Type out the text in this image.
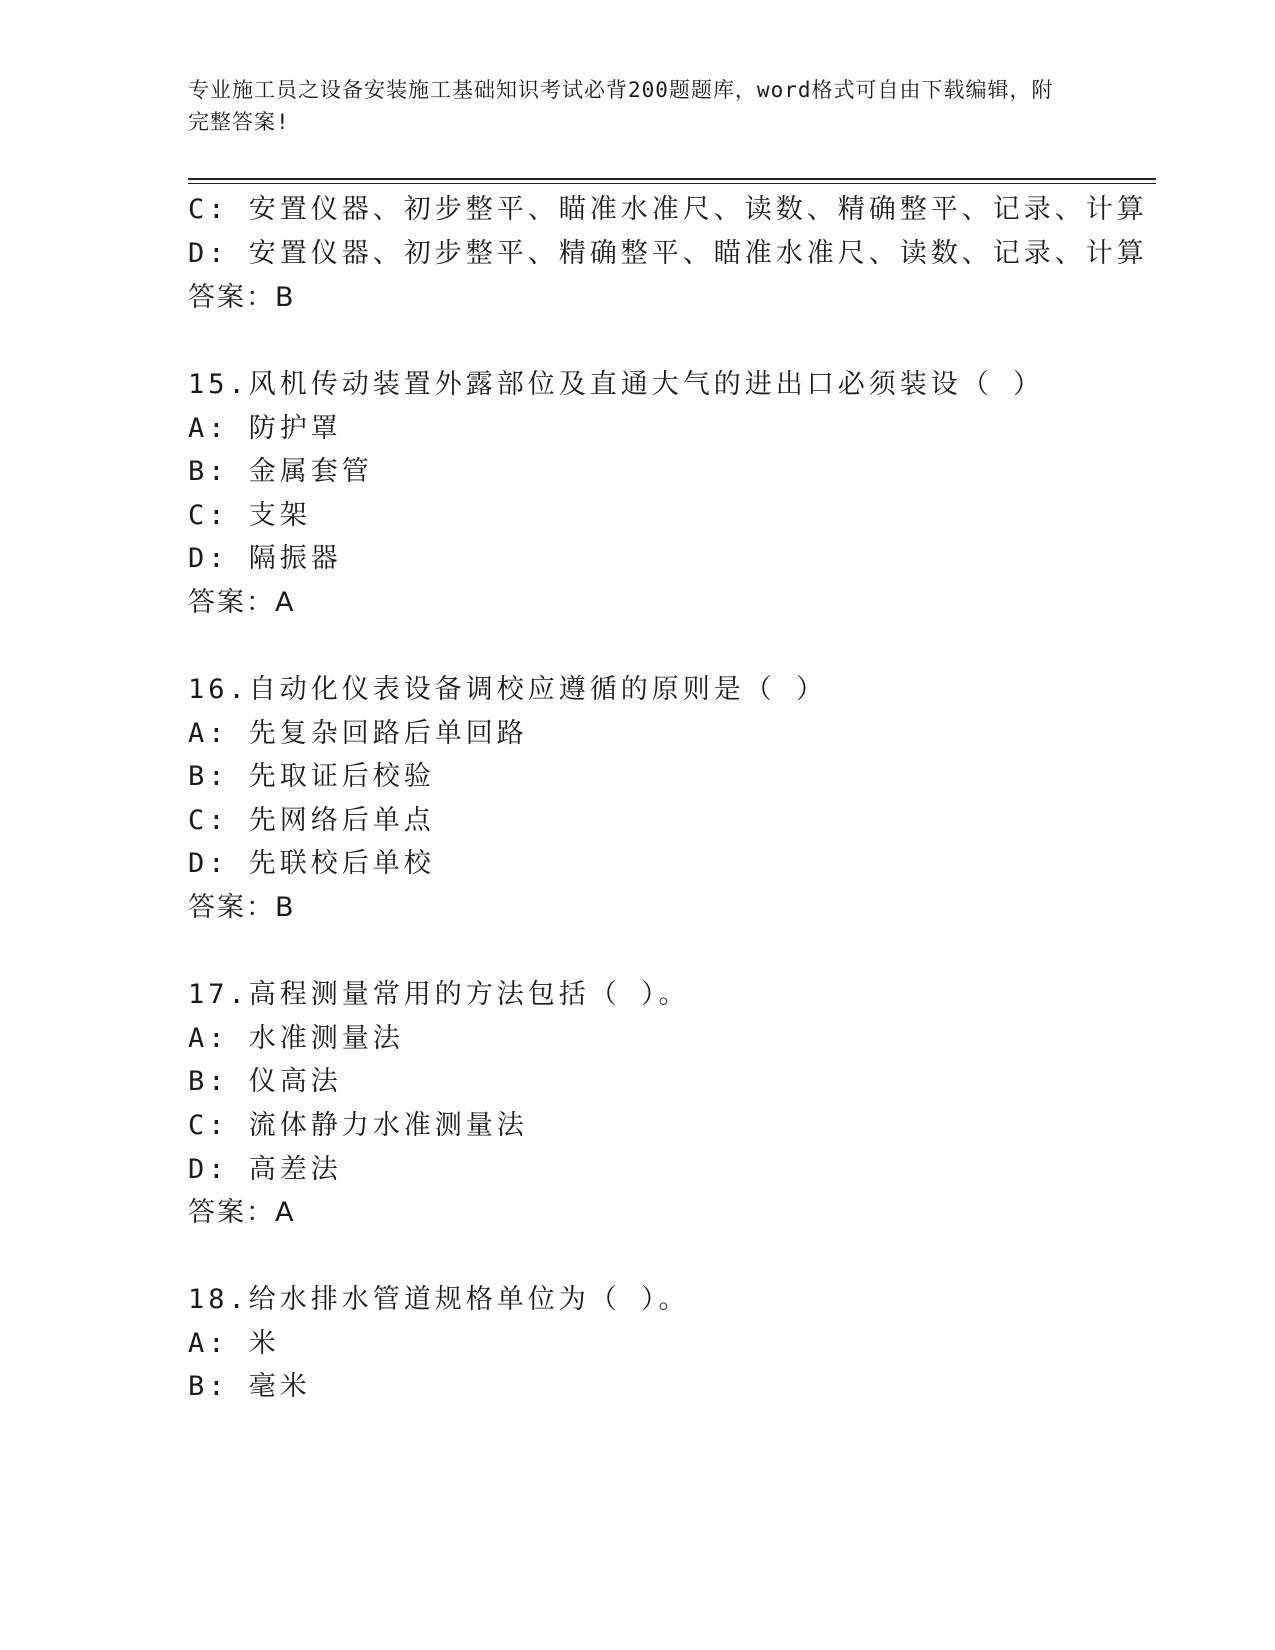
专业施工员之设备安装施工基础知识考试必背200题题库，word格式可自由下载编辑，附完整答案!
C: 安置仪器、初步整平、瞄准水准尺、读数、精确整平、记录、计算
D: 安置仪器、初步整平、精确整平、瞄准水准尺、读数、记录、计算
答案：B
15.风机传动装置外露部位及直通大气的进出口必须装设（ ）
A: 防护罩
B: 金属套管
C: 支架
D: 隔振器
答案：A
16.自动化仪表设备调校应遵循的原则是（ ）
A: 先复杂回路后单回路
B: 先取证后校验
C: 先网络后单点
D: 先联校后单校
答案：B
17.高程测量常用的方法包括（ ）。
A: 水准测量法
B: 仪高法
C: 流体静力水准测量法
D: 高差法
答案：A
18.给水排水管道规格单位为（ ）。
A: 米
B: 毫米
